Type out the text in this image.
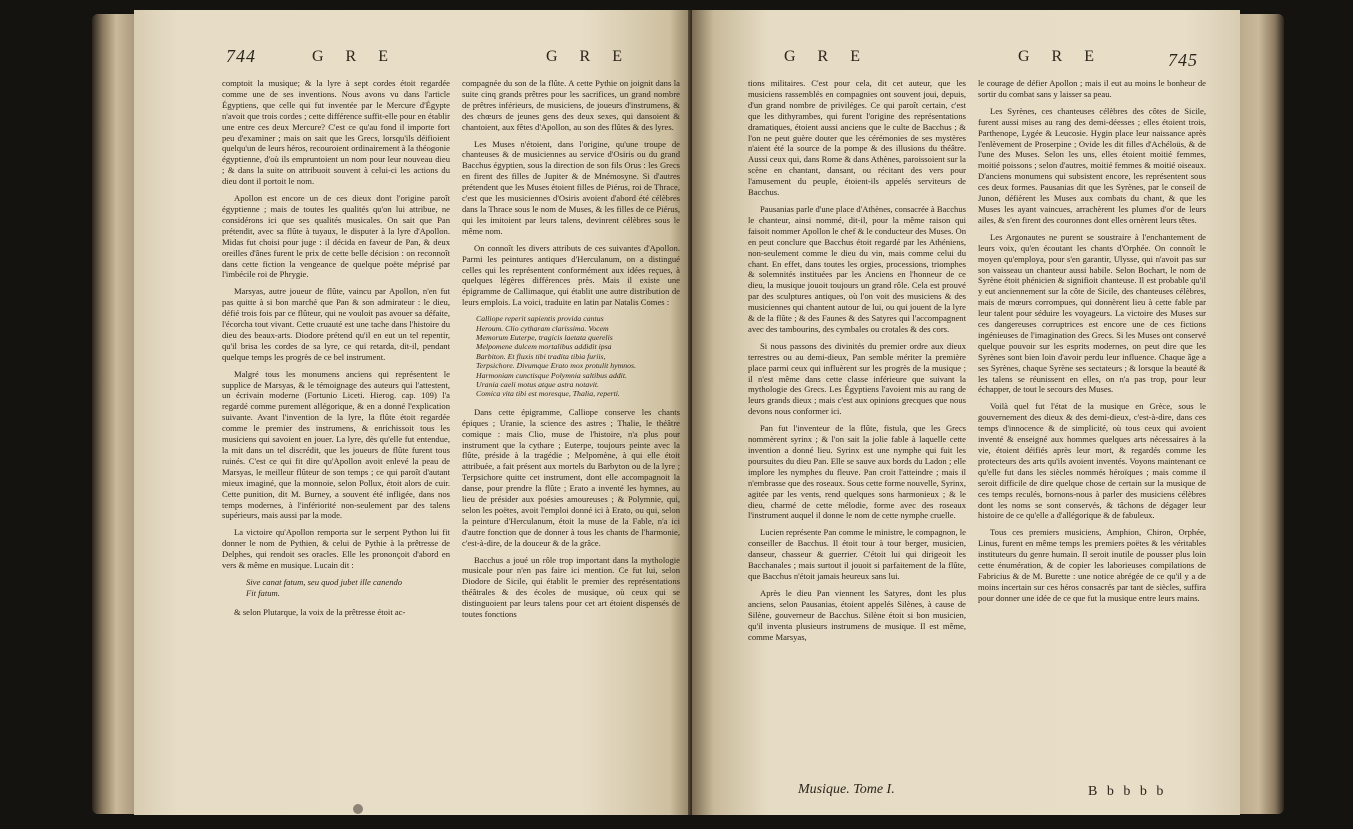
744	G R E	G R E

comptoit la musique; & la lyre à sept cordes étoit regardée comme une de ses inventions. Nous avons vu dans l'article Égyptiens, que celle qui fut inventée par le Mercure d'Égypte n'avoit que trois cordes ; cette différence suffit-elle pour en établir une entre ces deux Mercure? C'est ce qu'au fond il importe fort peu d'examiner ; mais on sait que les Grecs, lorsqu'ils déifioient quelqu'un de leurs héros, recouroient ordinairement à la théogonie égyptienne, d'où ils empruntoient un nom pour leur nouveau dieu ; & dans la suite on attribuoit souvent à celui-ci les actions du dieu dont il portoit le nom.

Apollon est encore un de ces dieux dont l'origine paroît égyptienne ; mais de toutes les qualités qu'on lui attribue, ne considérons ici que ses qualités musicales. On sait que Pan prétendit, avec sa flûte à tuyaux, le disputer à la lyre d'Apollon. Midas fut choisi pour juge : il décida en faveur de Pan, & deux oreilles d'ânes furent le prix de cette belle décision : on reconnoît dans cette fiction la vengeance de quelque poëte méprisé par l'imbécile roi de Phrygie.

Marsyas, autre joueur de flûte, vaincu par Apollon, n'en fut pas quitte à si bon marché que Pan & son admirateur : le dieu, défié trois fois par ce flûteur, qui ne vouloit pas avouer sa défaite, l'écorcha tout vivant. Cette cruauté est une tache dans l'histoire du dieu des beaux-arts. Diodore prétend qu'il en eut un tel repentir, qu'il brisa les cordes de sa lyre, ce qui retarda, dit-il, pendant quelque temps les progrès de ce bel instrument.

Malgré tous les monumens anciens qui représentent le supplice de Marsyas, & le témoignage des auteurs qui l'attestent, un écrivain moderne (Fortunio Liceti. Hierog. cap. 109) l'a regardé comme purement allégorique, & en a donné l'explication suivante. Avant l'invention de la lyre, la flûte étoit regardée comme le premier des instrumens, & enrichissoit tous les musiciens qui savoient en jouer. La lyre, dès qu'elle fut entendue, la mit dans un tel discrédit, que les joueurs de flûte furent tous ruinés. C'est ce qui fit dire qu'Apollon avoit enlevé la peau de Marsyas, le meilleur flûteur de son temps ; ce qui paroît d'autant mieux imaginé, que la monnoie, selon Pollux, étoit alors de cuir. Cette punition, dit M. Burney, a souvent été infligée, dans nos temps modernes, à l'infériorité non-seulement par des talens supérieurs, mais aussi par la mode.

La victoire qu'Apollon remporta sur le serpent Python lui fit donner le nom de Pythien, & celui de Pythie à la prêtresse de Delphes, qui rendoit ses oracles. Elle les prononçoit d'abord en vers & même en musique. Lucain dit :

Sive canat fatum, seu quod jubet ille canendo
Fit fatum.

& selon Plutarque, la voix de la prêtresse étoit ac-

compagnée du son de la flûte. A cette Pythie on joignit dans la suite cinq grands prêtres pour les sacrifices, un grand nombre de prêtres inférieurs, de musiciens, de joueurs d'instrumens, & des chœurs de jeunes gens des deux sexes, qui dansoient & chantoient, aux fêtes d'Apollon, au son des flûtes & des lyres.

Les Muses n'étoient, dans l'origine, qu'une troupe de chanteuses & de musiciennes au service d'Osiris ou du grand Bacchus égyptien, sous la direction de son fils Orus : les Grecs en firent des filles de Jupiter & de Mnémosyne. Si d'autres prétendent que les Muses étoient filles de Piérus, roi de Thrace, c'est que les musiciennes d'Osiris avoient d'abord été célèbres dans la Thrace sous le nom de Muses, & les filles de ce Piérus, qui les imitoient par leurs talens, devinrent célèbres sous le même nom.

On connoît les divers attributs de ces suivantes d'Apollon. Parmi les peintures antiques d'Herculanum, on a distingué celles qui les représentent conformément aux idées reçues, à quelques légères différences près. Mais il existe une épigramme de Callimaque, qui établit une autre distribution de leurs emplois. La voici, traduite en latin par Natalis Comes :

Calliope reperit sapientis provida cantus
Heroum. Clio cytharam clarissima. Vocem
Memorum Euterpe, tragicis laetata querelis
Melpomene dulcem mortalibus addidit ipsa
Barbiton. Et fluxis tibi tradita tibia furiis,
Terpsichore. Divumque Erato mox protulit hymnos.
Harmoniam cunctisque Polymnia saltibus addit.
Urania caeli motus atque astra notavit.
Comica vita tibi est moresque, Thalia, reperti.

Dans cette épigramme, Calliope conserve les chants épiques ; Uranie, la science des astres ; Thalie, le théâtre comique : mais Clio, muse de l'histoire, n'a plus pour instrument que la cythare ; Euterpe, toujours peinte avec la flûte, préside à la tragédie ; Melpomène, à qui elle étoit attribuée, a fait présent aux mortels du Barbyton ou de la lyre ; Terpsichore quitte cet instrument, dont elle accompagnoit la danse, pour prendre la flûte ; Erato a inventé les hymnes, au lieu de présider aux poésies amoureuses ; & Polymnie, qui, selon les poëtes, avoit l'emploi donné ici à Erato, ou qui, selon la peinture d'Herculanum, étoit la muse de la Fable, n'a ici d'autre fonction que de donner à tous les chants de l'harmonie, c'est-à-dire, de la douceur & de la grâce.

Bacchus a joué un rôle trop important dans la mythologie musicale pour n'en pas faire ici mention. Ce fut lui, selon Diodore de Sicile, qui établit le premier des représentations théâtrales & des écoles de musique, où ceux qui se distinguoient par leurs talens pour cet art étoient dispensés de toutes fonctions

G R E	G R E	745

tions militaires. C'est pour cela, dit cet auteur, que les musiciens rassemblés en compagnies ont souvent joui, depuis, d'un grand nombre de priviléges. Ce qui paroît certain, c'est que les dithyrambes, qui furent l'origine des représentations dramatiques, étoient aussi anciens que le culte de Bacchus ; & l'on ne peut guère douter que les cérémonies de ses mystères n'aient été la source de la pompe & des illusions du théâtre. Aussi ceux qui, dans Rome & dans Athènes, paroissoient sur la scène en chantant, dansant, ou récitant des vers pour l'amusement du peuple, étoient-ils appelés serviteurs de Bacchus.

Pausanias parle d'une place d'Athènes, consacrée à Bacchus le chanteur, ainsi nommé, dit-il, pour la même raison qui faisoit nommer Apollon le chef & le conducteur des Muses. On en peut conclure que Bacchus étoit regardé par les Athéniens, non-seulement comme le dieu du vin, mais comme celui du chant. En effet, dans toutes les orgies, processions, triomphes & solemnités instituées par les Anciens en l'honneur de ce dieu, la musique jouoit toujours un grand rôle. Cela est prouvé par des sculptures antiques, où l'on voit des musiciens & des musiciennes qui chantent autour de lui, ou qui jouent de la lyre & de la flûte ; & des Faunes & des Satyres qui l'accompagnent avec des tambourins, des cymbales ou crotales & des cors.

Si nous passons des divinités du premier ordre aux dieux terrestres ou au demi-dieux, Pan semble mériter la première place parmi ceux qui influèrent sur les progrès de la musique ; il n'est même dans cette classe inférieure que suivant la mythologie des Grecs. Les Égyptiens l'avoient mis au rang de leurs grands dieux ; mais c'est aux opinions grecques que nous devons nous conformer ici.

Pan fut l'inventeur de la flûte, fistula, que les Grecs nommèrent syrinx ; & l'on sait la jolie fable à laquelle cette invention a donné lieu. Syrinx est une nymphe qui fuit les poursuites du dieu Pan. Elle se sauve aux bords du Ladon ; elle implore les nymphes du fleuve. Pan croit l'atteindre ; mais il n'embrasse que des roseaux. Sous cette forme nouvelle, Syrinx, agitée par les vents, rend quelques sons harmonieux ; & le dieu, charmé de cette mélodie, forme avec des roseaux l'instrument auquel il donne le nom de cette nymphe cruelle.

Lucien représente Pan comme le ministre, le compagnon, le conseiller de Bacchus. Il étoit tour à tour berger, musicien, danseur, chasseur & guerrier. C'étoit lui qui dirigeoit les Bacchanales ; mais surtout il jouoit si parfaitement de la flûte, que Bacchus n'étoit jamais heureux sans lui.

Après le dieu Pan viennent les Satyres, dont les plus anciens, selon Pausanias, étoient appelés Silènes, à cause de Silène, gouverneur de Bacchus. Silène étoit si bon musicien, qu'il inventa plusieurs instrumens de musique. Il est même, comme Marsyas,

le courage de défier Apollon ; mais il eut au moins le bonheur de sortir du combat sans y laisser sa peau.

Les Syrènes, ces chanteuses célèbres des côtes de Sicile, furent aussi mises au rang des demi-déesses ; elles étoient trois, Parthenope, Lygée & Leucosie. Hygin place leur naissance après l'enlèvement de Proserpine ; Ovide les dit filles d'Achéloüs, & de l'une des Muses. Selon les uns, elles étoient moitié femmes, moitié poissons ; selon d'autres, moitié femmes & moitié oiseaux. D'anciens monumens qui subsistent encore, les représentent sous ces deux formes. Pausanias dit que les Syrènes, par le conseil de Junon, défièrent les Muses aux combats du chant, & que les Muses les ayant vaincues, arrachèrent les plumes d'or de leurs ailes, & s'en firent des couronnes dont elles ornèrent leurs têtes.

Les Argonautes ne purent se soustraire à l'enchantement de leurs voix, qu'en écoutant les chants d'Orphée. On connoît le moyen qu'employa, pour s'en garantir, Ulysse, qui n'avoit pas sur son vaisseau un chanteur aussi habile. Selon Bochart, le nom de Syrène étoit phénicien & signifioit chanteuse. Il est probable qu'il y eut anciennement sur la côte de Sicile, des chanteuses célèbres, mais de mœurs corrompues, qui donnèrent lieu à cette fable par leur talent pour séduire les voyageurs. La victoire des Muses sur ces dangereuses corruptrices est encore une de ces fictions ingénieuses de l'imagination des Grecs. Si les Muses ont conservé quelque pouvoir sur les esprits modernes, on peut dire que les Syrènes sont bien loin d'avoir perdu leur influence. Chaque âge a ses Syrènes, chaque Syrène ses sectateurs ; & lorsque la beauté & les talens se réunissent en elles, on n'a pas trop, pour leur échapper, de tout le secours des Muses.

Voilà quel fut l'état de la musique en Grèce, sous le gouvernement des dieux & des demi-dieux, c'est-à-dire, dans ces temps d'innocence & de simplicité, où tous ceux qui avoient inventé & enseigné aux hommes quelques arts nécessaires à la vie, étoient déifiés après leur mort, & regardés comme les protecteurs des arts qu'ils avoient inventés. Voyons maintenant ce qu'elle fut dans les siècles nommés héroïques ; mais comme il seroit difficile de dire quelque chose de certain sur la musique de ces temps reculés, bornons-nous à parler des musiciens célèbres dont les noms se sont conservés, & tâchons de dégager leur histoire de ce qu'elle a d'allégorique & de fabuleux.

Tous ces premiers musiciens, Amphion, Chiron, Orphée, Linus, furent en même temps les premiers poëtes & les véritables instituteurs du genre humain. Il seroit inutile de pousser plus loin cette énumération, & de copier les laborieuses compilations de Fabricius & de M. Burette : une notice abrégée de ce qu'il y a de moins incertain sur ces héros consacrés par tant de siècles, suffira pour donner une idée de ce que fut la musique entre leurs mains.

Musique. Tome I.	B b b b b
